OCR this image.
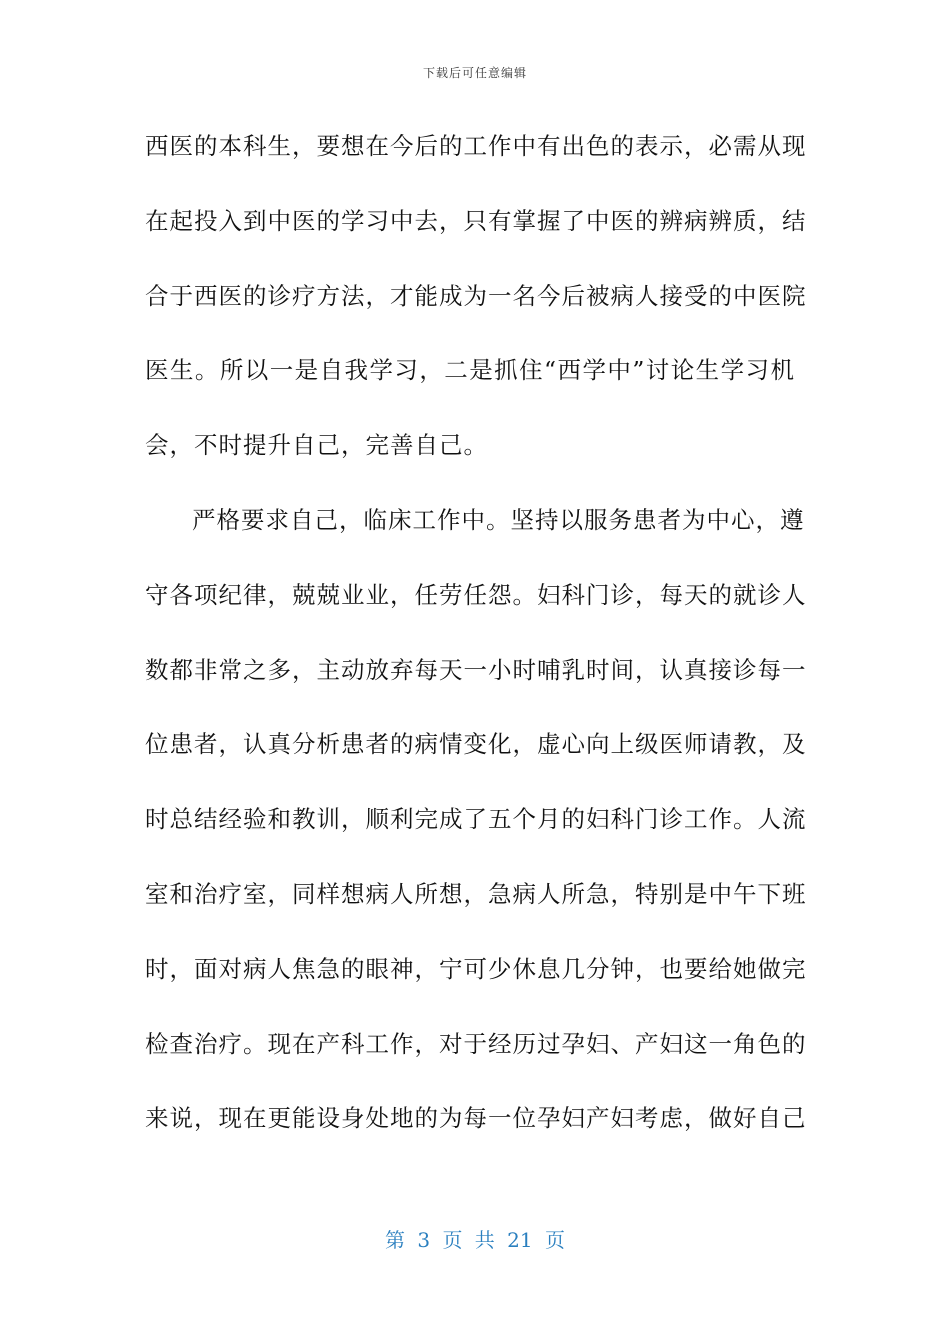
下载后可任意编辑
西医的本科生，要想在今后的工作中有出色的表示，必需从现
在起投入到中医的学习中去，只有掌握了中医的辨病辨质，结
合于西医的诊疗方法，才能成为一名今后被病人接受的中医院
医生。所以一是自我学习，二是抓住“西学中”讨论生学习机
会，不时提升自己，完善自己。
严格要求自己，临床工作中。坚持以服务患者为中心，遵
守各项纪律，兢兢业业，任劳任怨。妇科门诊，每天的就诊人
数都非常之多，主动放弃每天一小时哺乳时间，认真接诊每一
位患者，认真分析患者的病情变化，虚心向上级医师请教，及
时总结经验和教训，顺利完成了五个月的妇科门诊工作。人流
室和治疗室，同样想病人所想，急病人所急，特别是中午下班
时，面对病人焦急的眼神，宁可少休息几分钟，也要给她做完
检查治疗。现在产科工作，对于经历过孕妇、产妇这一角色的
来说，现在更能设身处地的为每一位孕妇产妇考虑，做好自己
第 3 页 共 21 页
